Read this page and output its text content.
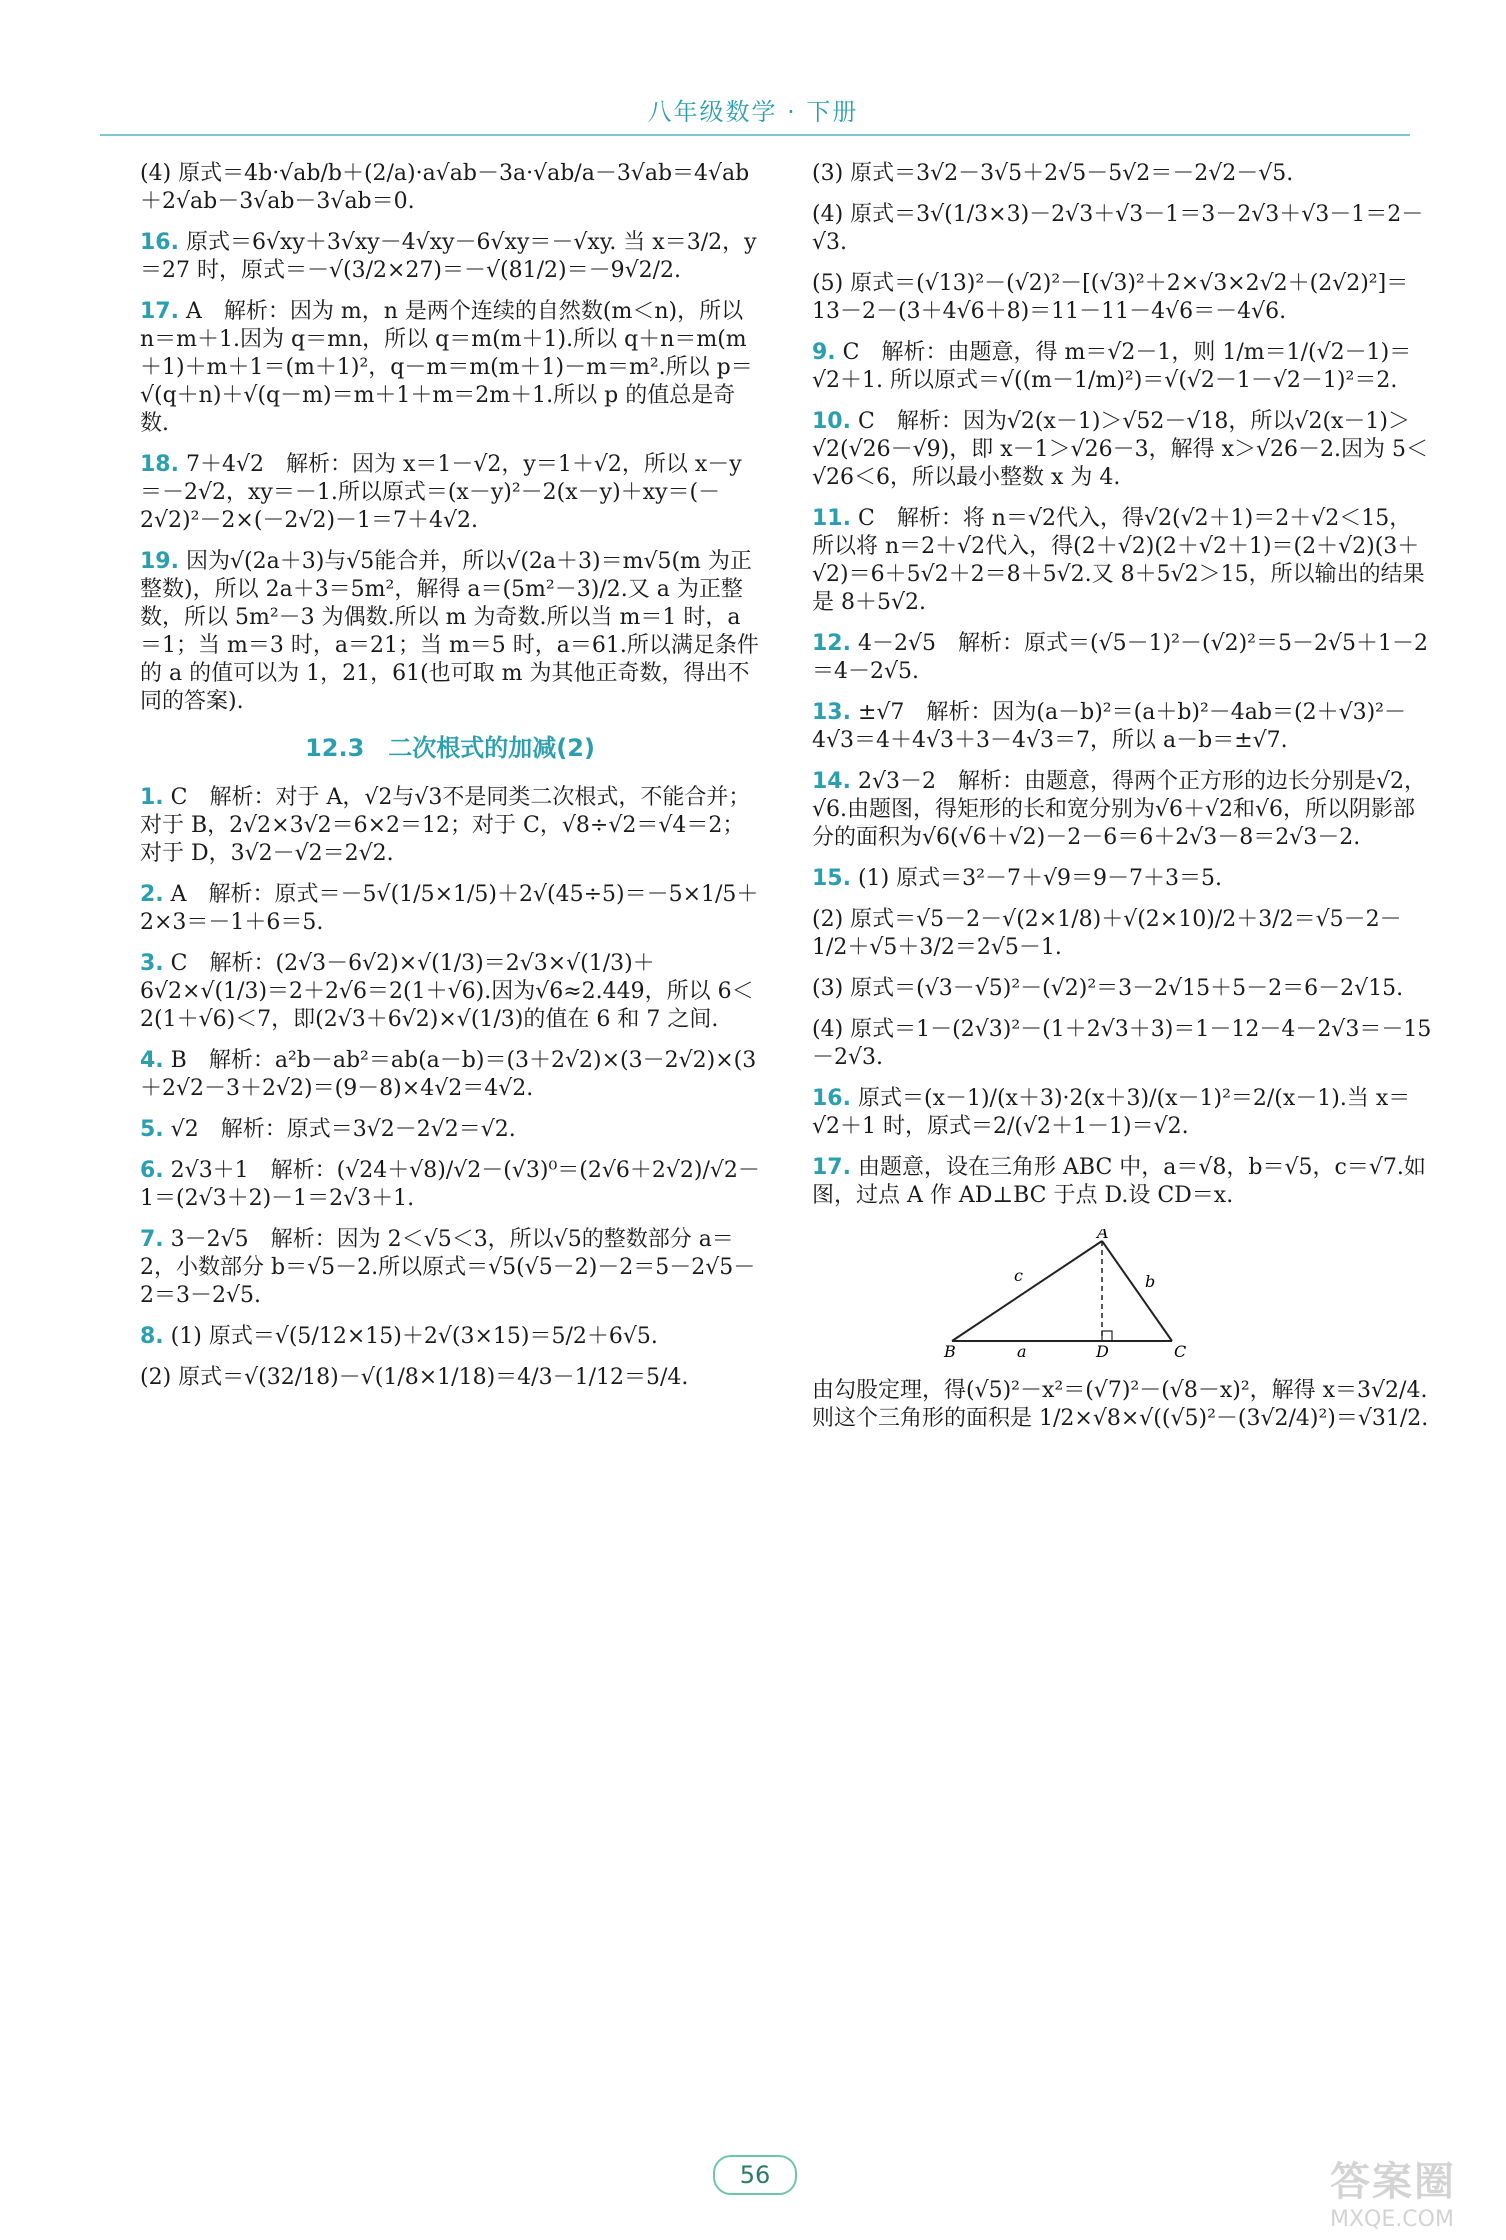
八年级数学 · 下册
(4) 原式＝4b·√ab/b＋(2/a)·a√ab－3a·√ab/a－3√ab＝4√ab＋2√ab－3√ab－3√ab＝0.
16. 原式＝6√xy＋3√xy－4√xy－6√xy＝－√xy. 当 x＝3/2，y＝27 时，原式＝－√(3/2×27)＝－√(81/2)＝－9√2/2.
17. A　解析：因为 m，n 是两个连续的自然数(m＜n)，所以 n＝m＋1.因为 q＝mn，所以 q＝m(m＋1).所以 q＋n＝m(m＋1)＋m＋1＝(m＋1)²，q－m＝m(m＋1)－m＝m².所以 p＝√(q＋n)＋√(q－m)＝m＋1＋m＝2m＋1.所以 p 的值总是奇数.
18. 7＋4√2　解析：因为 x＝1－√2，y＝1＋√2，所以 x－y＝－2√2，xy＝－1.所以原式＝(x－y)²－2(x－y)＋xy＝(－2√2)²－2×(－2√2)－1＝7＋4√2.
19. 因为√(2a＋3)与√5能合并，所以√(2a＋3)＝m√5(m 为正整数)，所以 2a＋3＝5m²，解得 a＝(5m²－3)/2.又 a 为正整数，所以 5m²－3 为偶数.所以 m 为奇数.所以当 m＝1 时，a＝1；当 m＝3 时，a＝21；当 m＝5 时，a＝61.所以满足条件的 a 的值可以为 1，21，61(也可取 m 为其他正奇数，得出不同的答案).
12.3　二次根式的加减(2)
1. C　解析：对于 A，√2与√3不是同类二次根式，不能合并；对于 B，2√2×3√2＝6×2＝12；对于 C，√8÷√2＝√4＝2；对于 D，3√2－√2＝2√2.
2. A　解析：原式＝－5√(1/5×1/5)＋2√(45÷5)＝－5×1/5＋2×3＝－1＋6＝5.
3. C　解析：(2√3－6√2)×√(1/3)＝2√3×√(1/3)＋6√2×√(1/3)＝2＋2√6＝2(1＋√6).因为√6≈2.449，所以 6＜2(1＋√6)＜7，即(2√3＋6√2)×√(1/3)的值在 6 和 7 之间.
4. B　解析：a²b－ab²＝ab(a－b)＝(3＋2√2)×(3－2√2)×(3＋2√2－3＋2√2)＝(9－8)×4√2＝4√2.
5. √2　解析：原式＝3√2－2√2＝√2.
6. 2√3＋1　解析：(√24＋√8)/√2－(√3)⁰＝(2√6＋2√2)/√2－1＝(2√3＋2)－1＝2√3＋1.
7. 3－2√5　解析：因为 2＜√5＜3，所以√5的整数部分 a＝2，小数部分 b＝√5－2.所以原式＝√5(√5－2)－2＝5－2√5－2＝3－2√5.
8. (1) 原式＝√(5/12×15)＋2√(3×15)＝5/2＋6√5.
(2) 原式＝√(32/18)－√(1/8×1/18)＝4/3－1/12＝5/4.
(3) 原式＝3√2－3√5＋2√5－5√2＝－2√2－√5.
(4) 原式＝3√(1/3×3)－2√3＋√3－1＝3－2√3＋√3－1＝2－√3.
(5) 原式＝(√13)²－(√2)²－[(√3)²＋2×√3×2√2＋(2√2)²]＝13－2－(3＋4√6＋8)＝11－11－4√6＝－4√6.
9. C　解析：由题意，得 m＝√2－1，则 1/m＝1/(√2－1)＝√2＋1. 所以原式＝√((m－1/m)²)＝√(√2－1－√2－1)²＝2.
10. C　解析：因为√2(x－1)＞√52－√18，所以√2(x－1)＞√2(√26－√9)，即 x－1＞√26－3，解得 x＞√26－2.因为 5＜√26＜6，所以最小整数 x 为 4.
11. C　解析：将 n＝√2代入，得√2(√2＋1)＝2＋√2＜15，所以将 n＝2＋√2代入，得(2＋√2)(2＋√2＋1)＝(2＋√2)(3＋√2)＝6＋5√2＋2＝8＋5√2.又 8＋5√2＞15，所以输出的结果是 8＋5√2.
12. 4－2√5　解析：原式＝(√5－1)²－(√2)²＝5－2√5＋1－2＝4－2√5.
13. ±√7　解析：因为(a－b)²＝(a＋b)²－4ab＝(2＋√3)²－4√3＝4＋4√3＋3－4√3＝7，所以 a－b＝±√7.
14. 2√3－2　解析：由题意，得两个正方形的边长分别是√2，√6.由题图，得矩形的长和宽分别为√6＋√2和√6，所以阴影部分的面积为√6(√6＋√2)－2－6＝6＋2√3－8＝2√3－2.
15. (1) 原式＝3²－7＋√9＝9－7＋3＝5.
(2) 原式＝√5－2－√(2×1/8)＋√(2×10)/2＋3/2＝√5－2－1/2＋√5＋3/2＝2√5－1.
(3) 原式＝(√3－√5)²－(√2)²＝3－2√15＋5－2＝6－2√15.
(4) 原式＝1－(2√3)²－(1＋2√3＋3)＝1－12－4－2√3＝－15－2√3.
16. 原式＝(x－1)/(x＋3)·2(x＋3)/(x－1)²＝2/(x－1).当 x＝√2＋1 时，原式＝2/(√2＋1－1)＝√2.
17. 由题意，设在三角形 ABC 中，a＝√8，b＝√5，c＝√7.如图，过点 A 作 AD⊥BC 于点 D.设 CD＝x.
A
B	C
D
a
b
c
由勾股定理，得(√5)²－x²＝(√7)²－(√8－x)²，解得 x＝3√2/4.则这个三角形的面积是 1/2×√8×√((√5)²－(3√2/4)²)＝√31/2.
56	答案圈
MXQE.COM
